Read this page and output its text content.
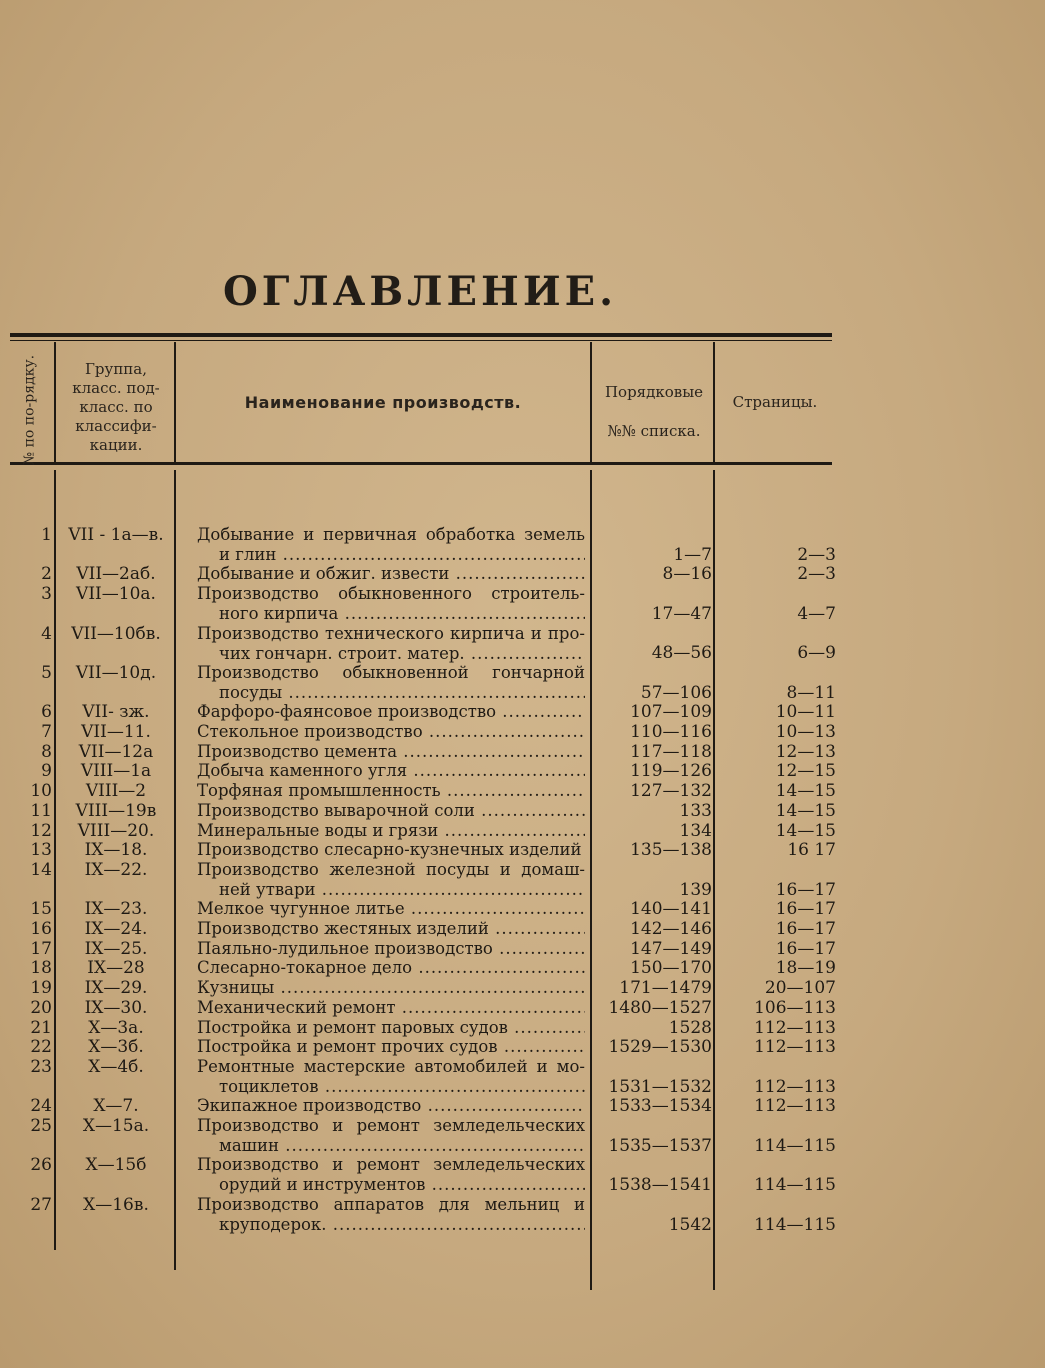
ОГЛАВЛЕНИЕ.
№ по по-рядку.	Группа,
класс. под-
класс. по
классифи-
кации.
Наименование производств.
Порядковые
№№ списка.
Страницы.
1 VII - 1а—в.	Добывание и первичная обработка земель
и глин .....	1—7	2—3
2	VII—2аб.	Добывание и обжиг. извести .....	8—16	2—3
3	VII—10а.	Производство обыкновенного строитель-
ного кирпича .....	17—47	4—7
4	VII—10бв.	Производство технического кирпича и про-
чих гончарн. строит. матер. .....	48—56	6—9
5	VII—10д.	Производство обыкновенной гончарной
посуды .....	57—106	8—11
6	VII- зж.	Фарфоро-фаянсовое производство .....	107—109	10—11
7	VII—11.	Стекольное производство .....	110—116	10—13
8	VII—12а	Производство цемента .....	117—118	12—13
9	VIII—1а	Добыча каменного угля .....	119—126	12—15
10	VIII—2	Торфяная промышленность .....	127—132	14—15
11	VIII—19в	Производство выварочной соли .....	133	14—15
12	VIII—20.	Минеральные воды и грязи .....	134	14—15
13	IX—18.	Производство слесарно-кузнечных изделий .....	135—138	16 17
14	IX—22.	Производство железной посуды и домаш-
ней утвари .....	139	16—17
15	IX—23.	Мелкое чугунное литье .....	140—141	16—17
16	IX—24.	Производство жестяных изделий .....	142—146	16—17
17	IX—25.	Паяльно-лудильное производство .....	147—149	16—17
18	IX—28	Слесарно-токарное дело .....	150—170	18—19
19	IX—29.	Кузницы .....	171—1479	20—107
20	IX—30.	Механический ремонт .....	1480—1527	106—113
21	X—3а.	Постройка и ремонт паровых судов .....	1528	112—113
22	X—3б.	Постройка и ремонт прочих судов .....	1529—1530	112—113
23	X—4б.	Ремонтные мастерские автомобилей и мо-
тоциклетов .....	1531—1532	112—113
24	X—7.	Экипажное производство .....	1533—1534	112—113
25	X—15а.	Производство и ремонт земледельческих
машин .....	1535—1537	114—115
26	X—15б	Производство и ремонт земледельческих
орудий и инструментов .....	1538—1541	114—115
27	X—16в.	Производство аппаратов для мельниц и
круподерок. .....	1542	114—115
